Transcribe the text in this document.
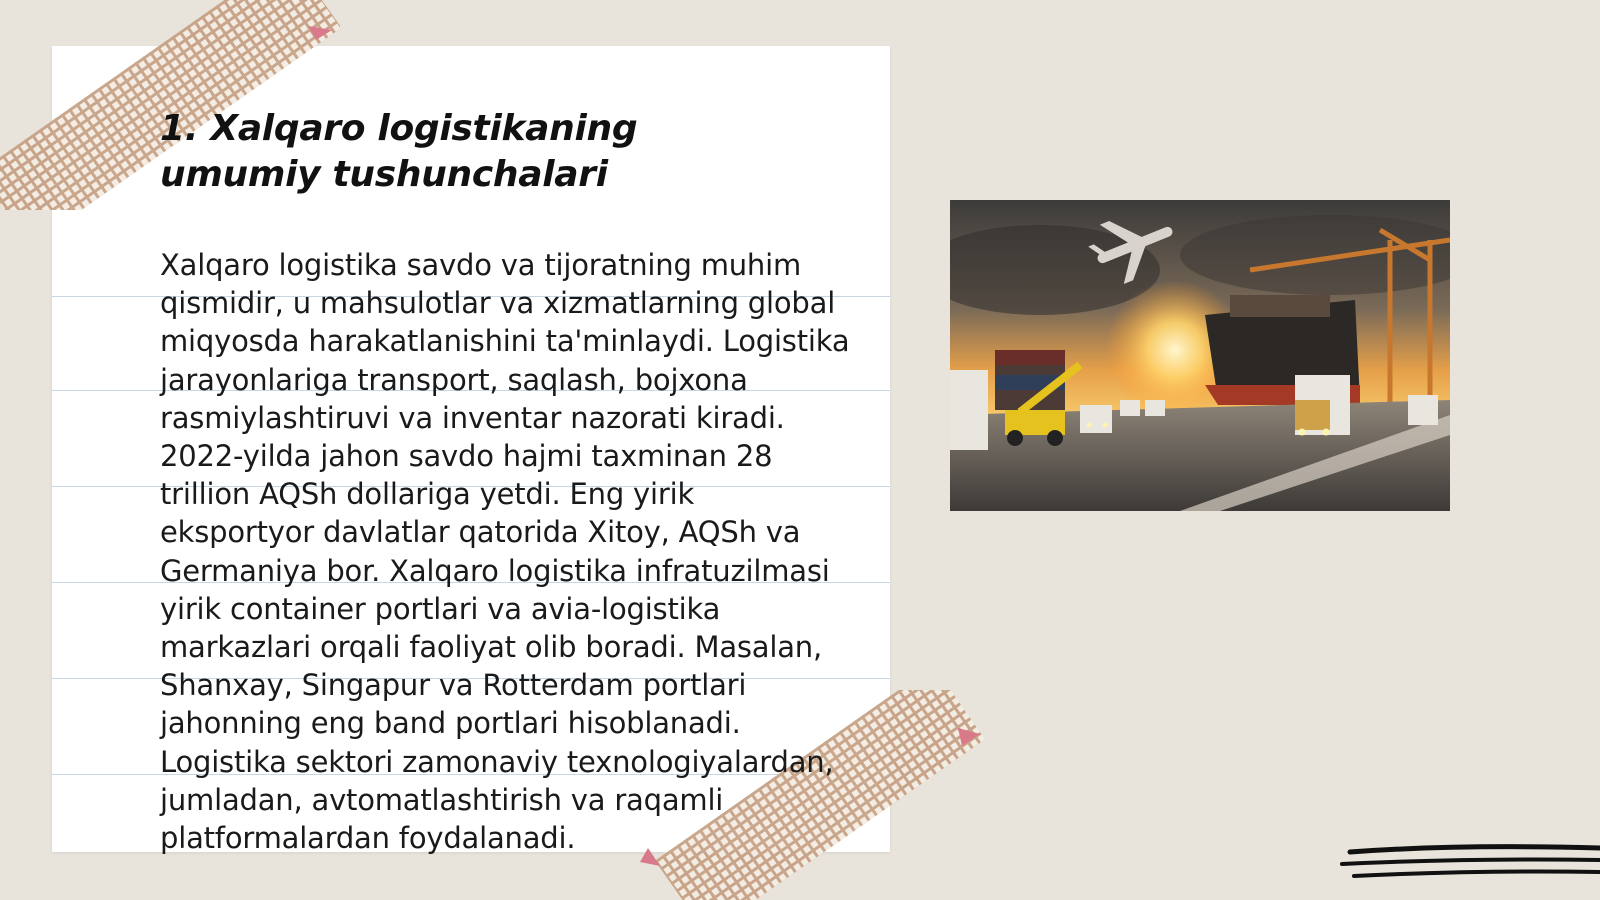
1. Xalqaro logistikaning umumiy tushunchalari

Xalqaro logistika savdo va tijoratning muhim qismidir, u mahsulotlar va xizmatlarning global miqyosda harakatlanishini ta'minlaydi. Logistika jarayonlariga transport, saqlash, bojxona rasmiylashtiruvi va inventar nazorati kiradi. 2022-yilda jahon savdo hajmi taxminan 28 trillion AQSh dollariga yetdi. Eng yirik eksportyor davlatlar qatorida Xitoy, AQSh va Germaniya bor. Xalqaro logistika infratuzilmasi yirik container portlari va avia-logistika markazlari orqali faoliyat olib boradi. Masalan, Shanxay, Singapur va Rotterdam portlari jahonning eng band portlari hisoblanadi. Logistika sektori zamonaviy texnologiyalardan, jumladan, avtomatlashtirish va raqamli platformalardan foydalanadi.
